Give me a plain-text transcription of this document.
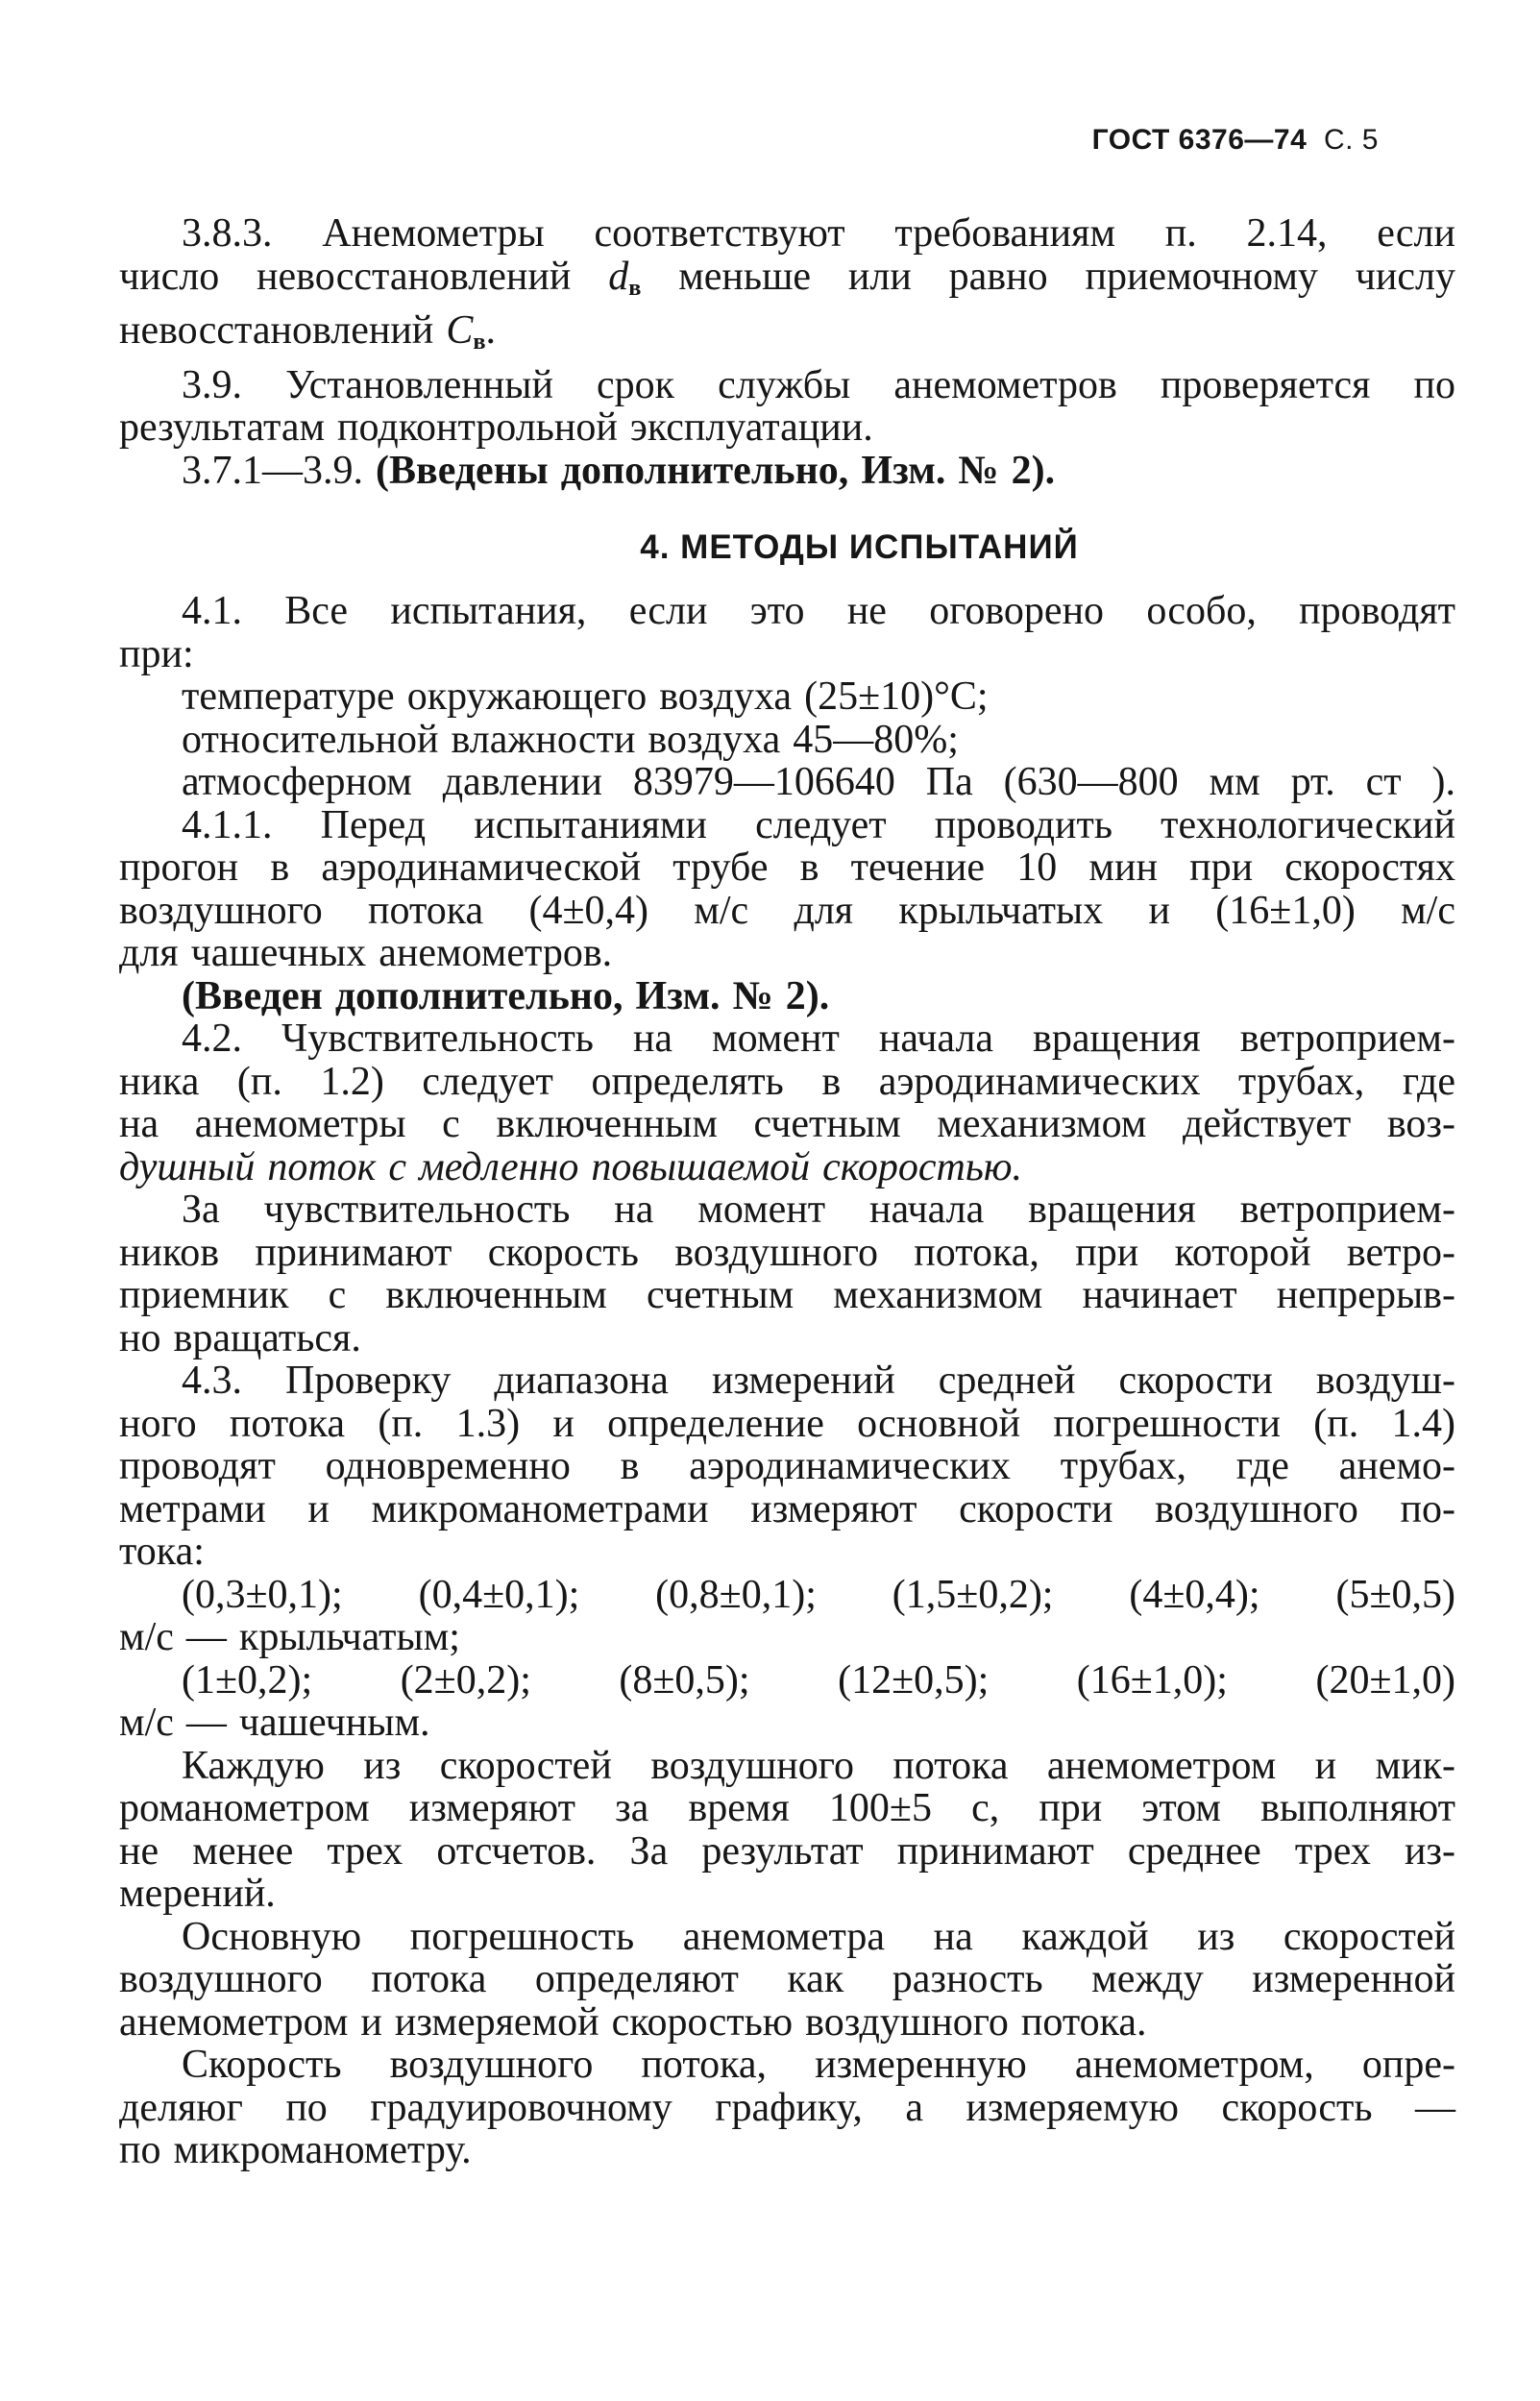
ГОСТ 6376—74 С. 5
3.8.3. Анемометры соответствуют требованиям п. 2.14, если
число невосстановлений dв меньше или равно приемочному числу
невосстановлений Св.
3.9. Установленный срок службы анемометров проверяется по
результатам подконтрольной эксплуатации.
3.7.1—3.9. (Введены дополнительно, Изм. № 2).
4. МЕТОДЫ ИСПЫТАНИЙ
4.1. Все испытания, если это не оговорено особо, проводят
при:
температуре окружающего воздуха (25±10)°С;
относительной влажности воздуха 45—80%;
атмосферном давлении 83979—106640 Па (630—800 мм рт. ст ).
4.1.1. Перед испытаниями следует проводить технологический
прогон в аэродинамической трубе в течение 10 мин при скоростях
воздушного потока (4±0,4) м/с для крыльчатых и (16±1,0) м/с
для чашечных анемометров.
(Введен дополнительно, Изм. № 2).
4.2. Чувствительность на момент начала вращения ветроприем-
ника (п. 1.2) следует определять в аэродинамических трубах, где
на анемометры с включенным счетным механизмом действует воз-
душный поток с медленно повышаемой скоростью.
За чувствительность на момент начала вращения ветроприем-
ников принимают скорость воздушного потока, при которой ветро-
приемник с включенным счетным механизмом начинает непрерыв-
но вращаться.
4.3. Проверку диапазона измерений средней скорости воздуш-
ного потока (п. 1.3) и определение основной погрешности (п. 1.4)
проводят одновременно в аэродинамических трубах, где анемо-
метрами и микроманометрами измеряют скорости воздушного по-
тока:
(0,3±0,1); (0,4±0,1); (0,8±0,1); (1,5±0,2); (4±0,4); (5±0,5)
м/с — крыльчатым;
(1±0,2); (2±0,2); (8±0,5); (12±0,5); (16±1,0); (20±1,0)
м/с — чашечным.
Каждую из скоростей воздушного потока анемометром и мик-
романометром измеряют за время 100±5 с, при этом выполняют
не менее трех отсчетов. За результат принимают среднее трех из-
мерений.
Основную погрешность анемометра на каждой из скоростей
воздушного потока определяют как разность между измеренной
анемометром и измеряемой скоростью воздушного потока.
Скорость воздушного потока, измеренную анемометром, опре-
деляюг по градуировочному графику, а измеряемую скорость —
по микроманометру.
